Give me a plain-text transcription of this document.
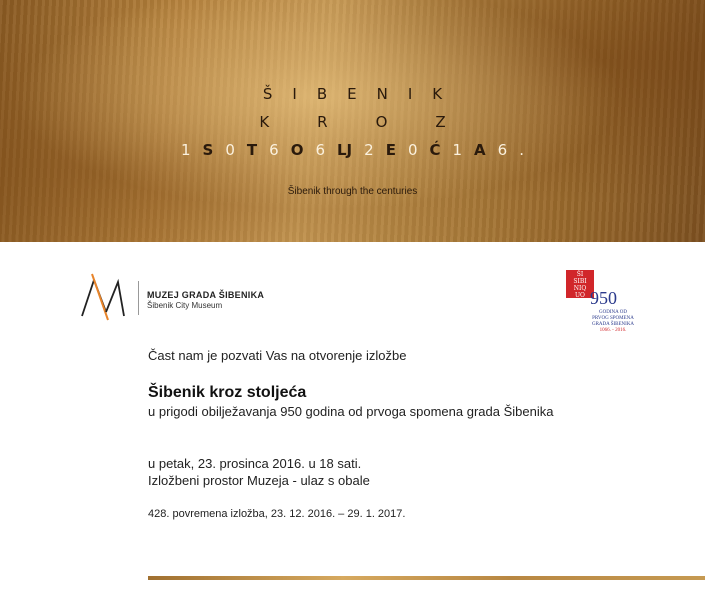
Š I B E N I K
K	R	O	Z
1 S 0 T 6 O 6 LJ 2 E 0 Ć 1 A 6 .
Šibenik through the centuries
MUZEJ GRADA ŠIBENIKA
Šibenik City Museum
ŠI
SIBI
NIQ
UO 950
GODINA OD
PRVOG SPOMENA
GRADA ŠIBENIKA
1066. - 2016.
Čast nam je pozvati Vas na otvorenje izložbe
Šibenik kroz stoljeća
u prigodi obilježavanja 950 godina od prvoga spomena grada Šibenika
u petak, 23. prosinca 2016. u 18 sati.
Izložbeni prostor Muzeja - ulaz s obale
428. povremena izložba, 23. 12. 2016. – 29. 1. 2017.
